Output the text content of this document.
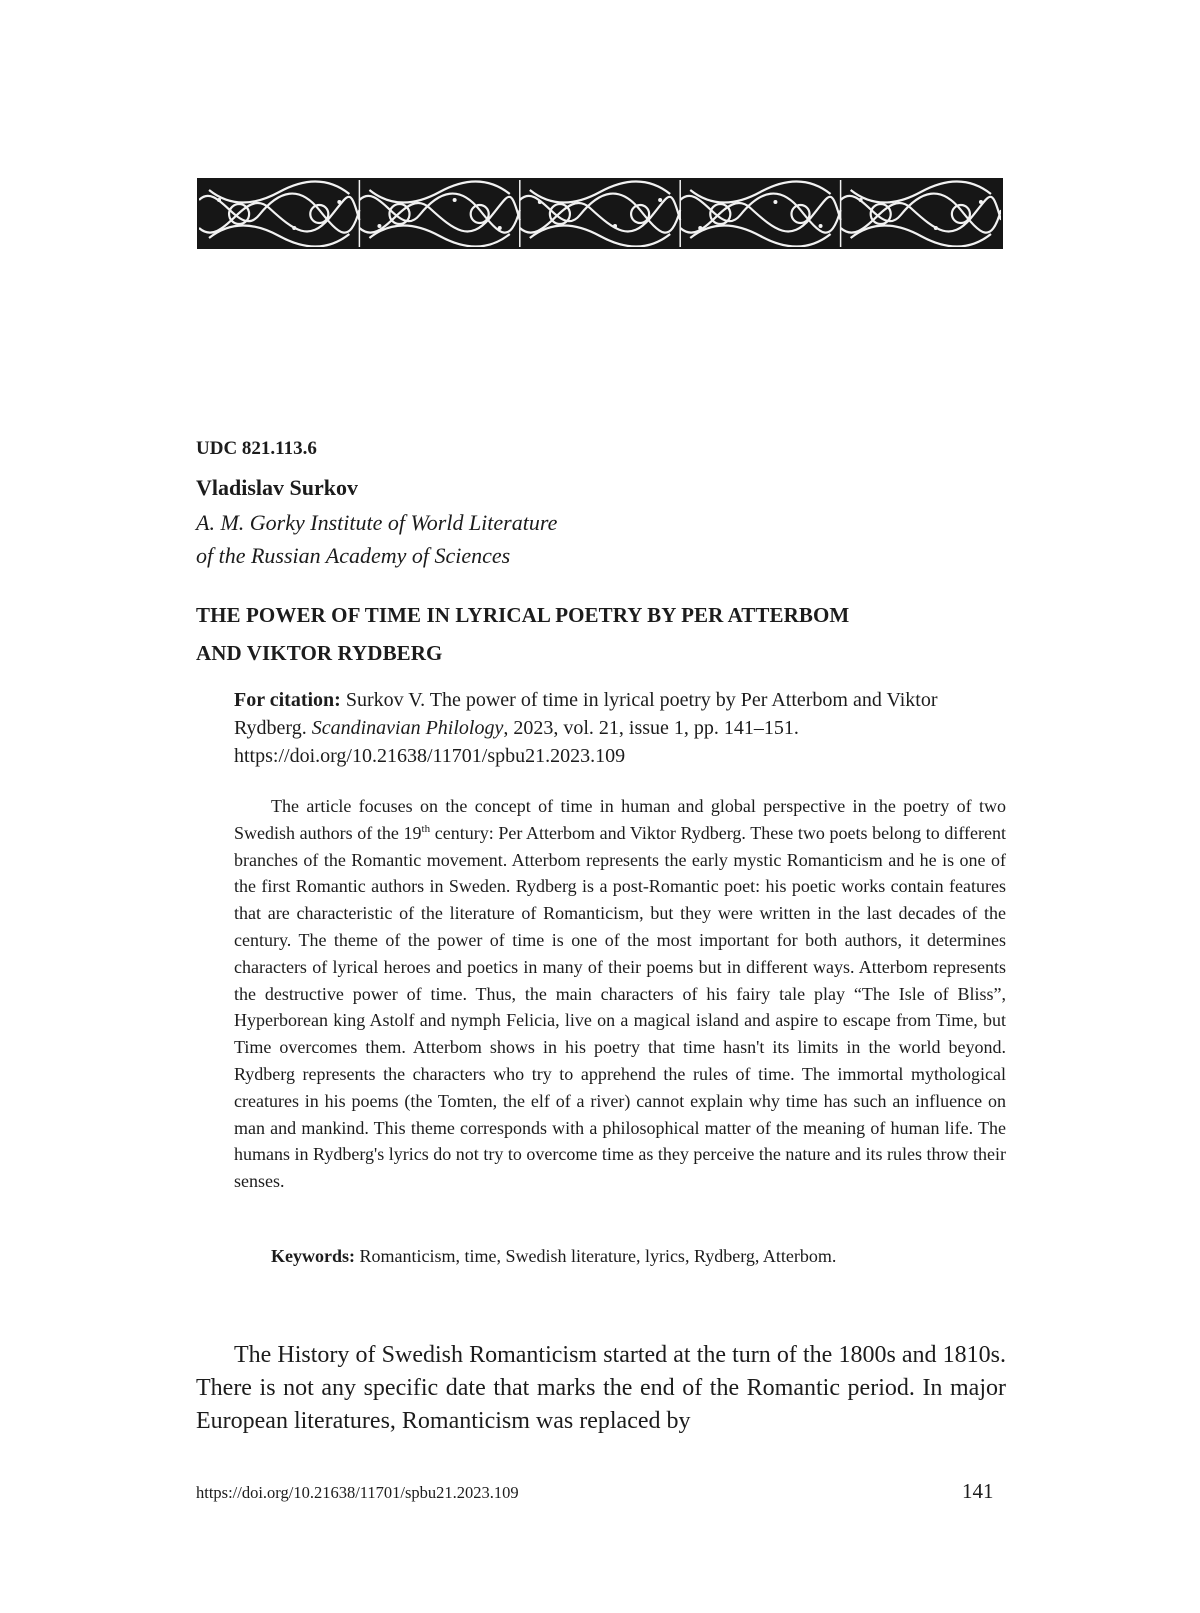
UDC 821.113.6
Vladislav Surkov
A. M. Gorky Institute of World Literature
of the Russian Academy of Sciences
THE POWER OF TIME IN LYRICAL POETRY BY PER ATTERBOM
AND VIKTOR RYDBERG
For citation: Surkov V. The power of time in lyrical poetry by Per Atterbom and Viktor Rydberg. Scandinavian Philology, 2023, vol. 21, issue 1, pp. 141–151. https://doi.org/10.21638/11701/spbu21.2023.109

The article focuses on the concept of time in human and global perspective in the poetry of two Swedish authors of the 19th century: Per Atterbom and Viktor Rydberg. These two poets belong to different branches of the Romantic movement. Atterbom represents the early mystic Romanticism and he is one of the first Romantic authors in Sweden. Rydberg is a post-Romantic poet: his poetic works contain features that are characteristic of the literature of Romanticism, but they were written in the last decades of the century. The theme of the power of time is one of the most important for both authors, it determines characters of lyrical heroes and poetics in many of their poems but in different ways. Atterbom represents the destructive power of time. Thus, the main characters of his fairy tale play “The Isle of Bliss”, Hyperborean king Astolf and nymph Felicia, live on a magical island and aspire to escape from Time, but Time overcomes them. Atterbom shows in his poetry that time hasn't its limits in the world beyond. Rydberg represents the characters who try to apprehend the rules of time. The immortal mythological creatures in his poems (the Tomten, the elf of a river) cannot explain why time has such an influence on man and mankind. This theme corresponds with a philosophical matter of the meaning of human life. The humans in Rydberg's lyrics do not try to overcome time as they perceive the nature and its rules throw their senses.

Keywords: Romanticism, time, Swedish literature, lyrics, Rydberg, Atterbom.

The History of Swedish Romanticism started at the turn of the 1800s and 1810s. There is not any specific date that marks the end of the Romantic period. In major European literatures, Romanticism was replaced by

https://doi.org/10.21638/11701/spbu21.2023.109	141
